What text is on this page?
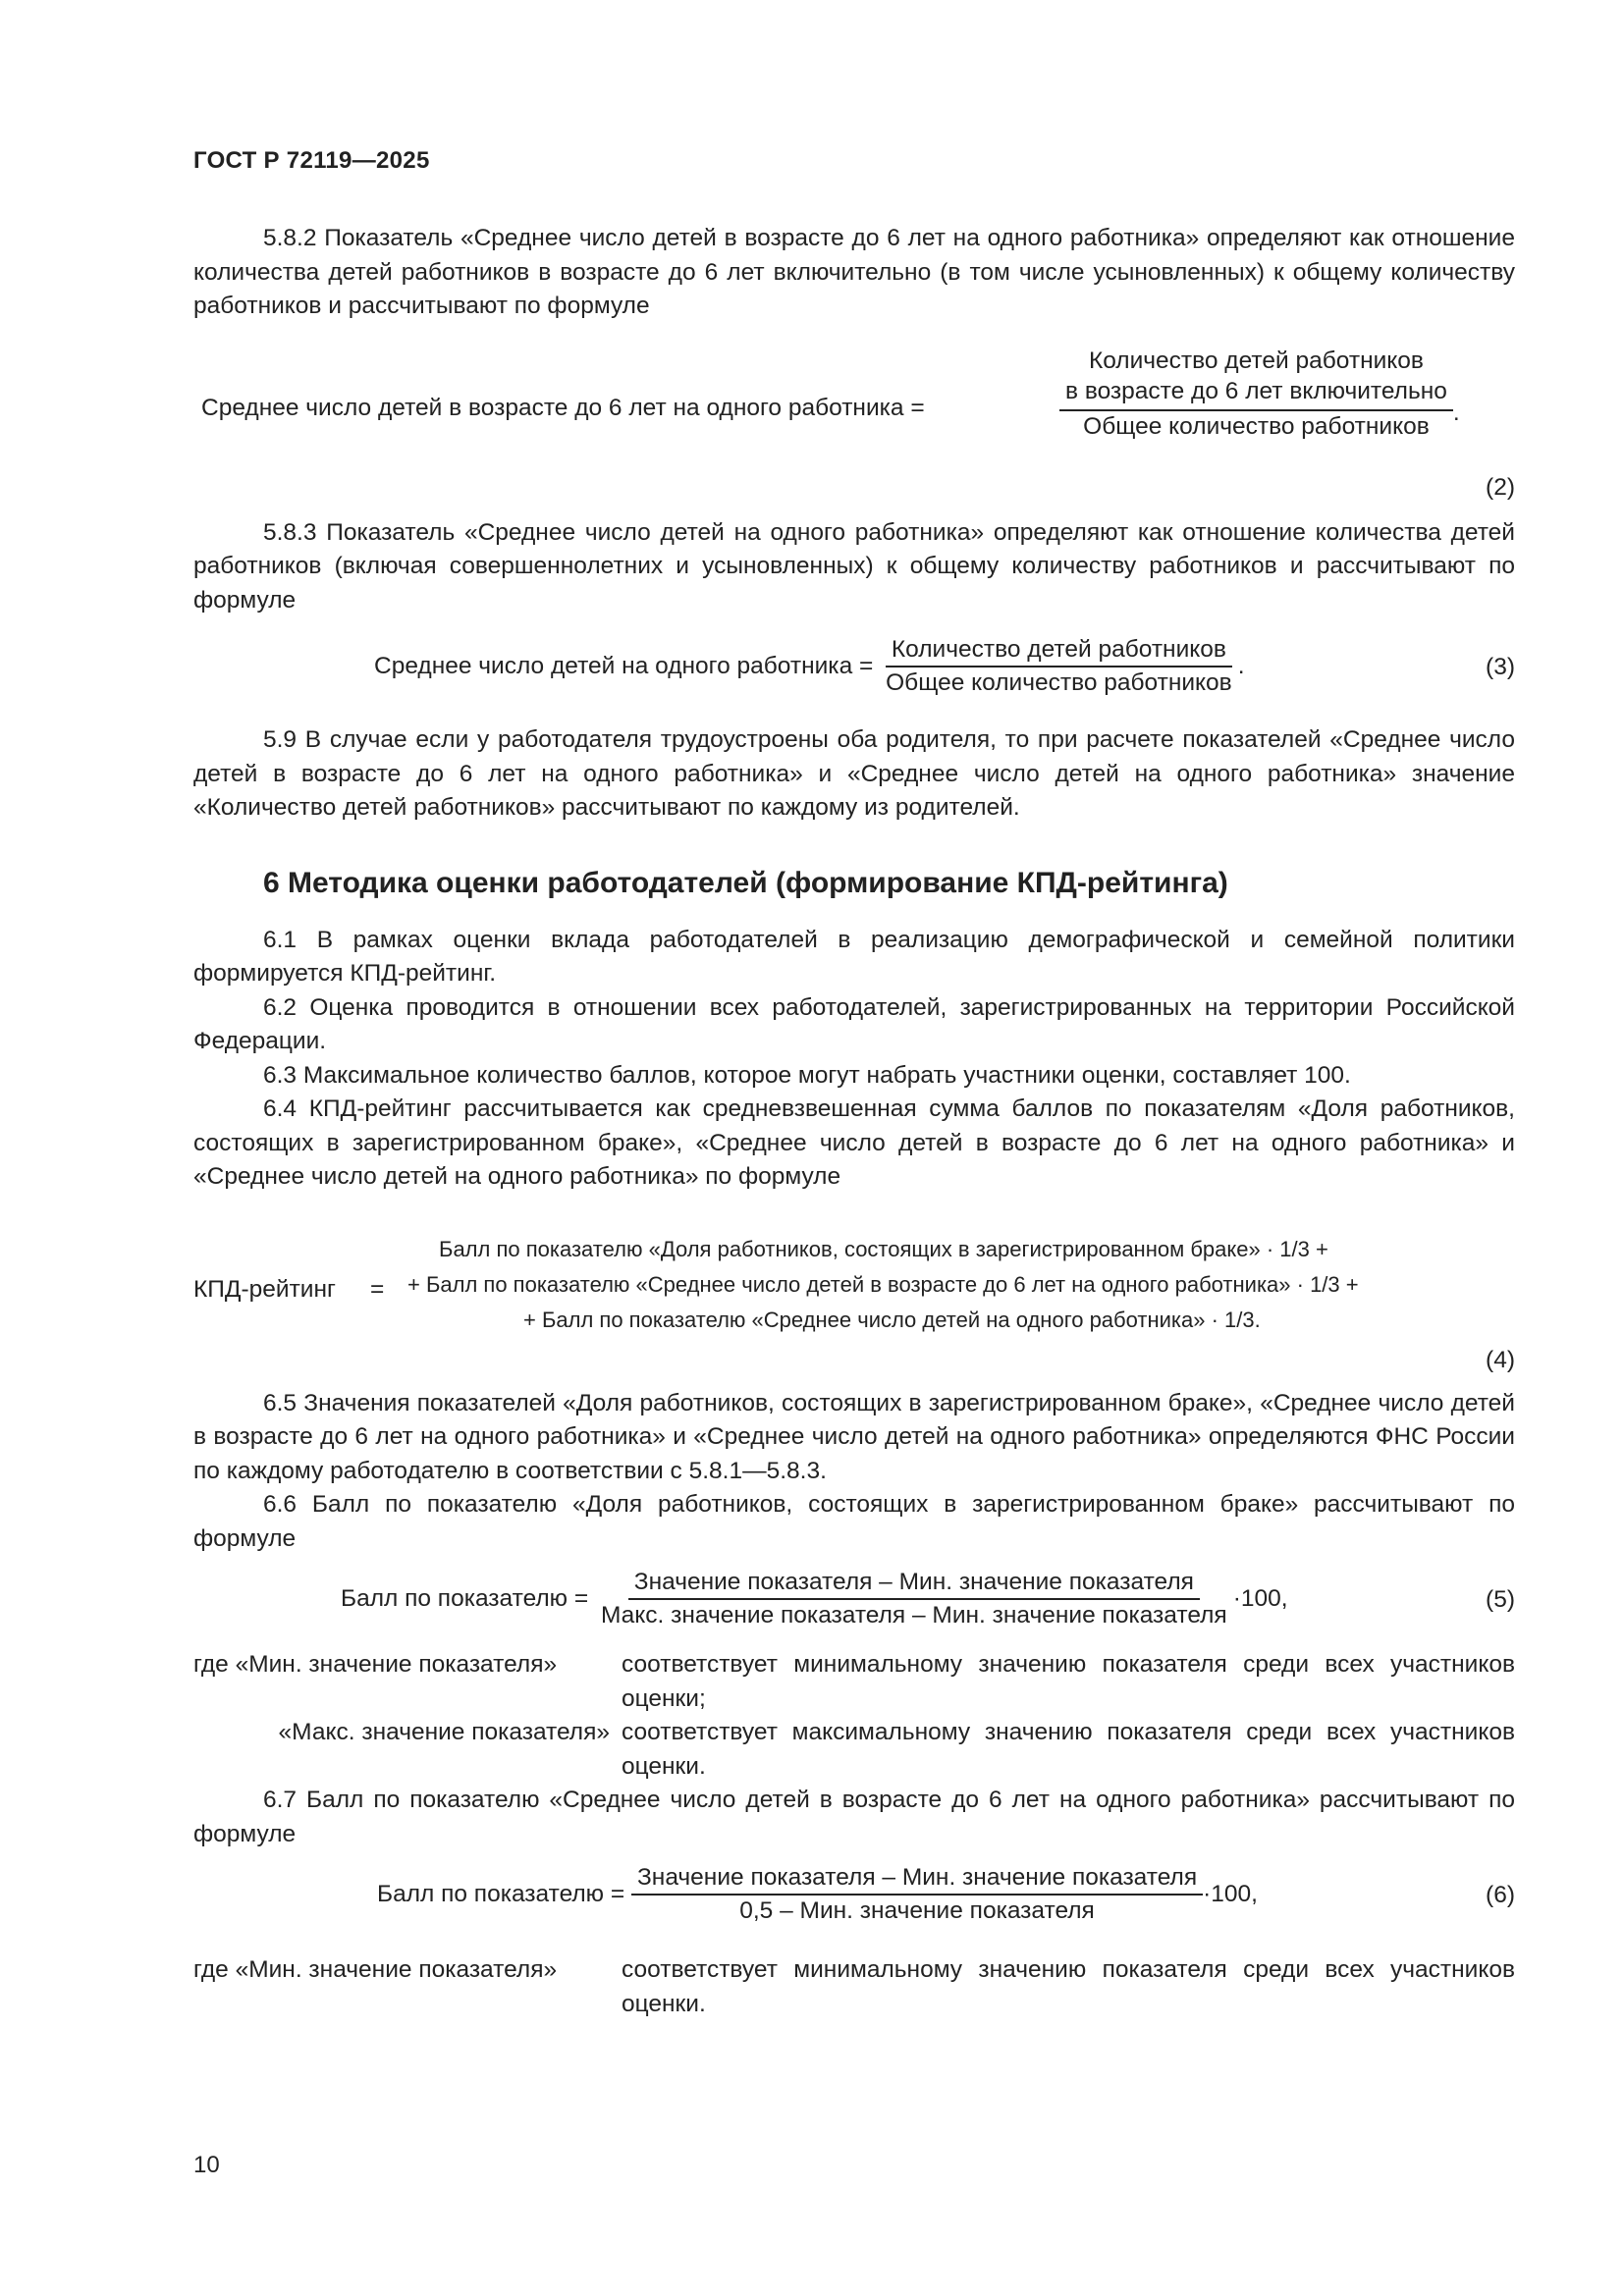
ГОСТ Р 72119—2025

5.8.2 Показатель «Среднее число детей в возрасте до 6 лет на одного работника» определяют как отношение количества детей работников в возрасте до 6 лет включительно (в том числе усыновленных) к общему количеству работников и рассчитывают по формуле

Среднее число детей в возрасте до 6 лет на одного работника =
Количество детей работников
в возрасте до 6 лет включительно
Общее количество работников
.
(2)

5.8.3 Показатель «Среднее число детей на одного работника» определяют как отношение количества детей работников (включая совершеннолетних и усыновленных) к общему количеству работников и рассчитывают по формуле

Среднее число детей на одного работника = $\frac{\text{Количество детей работников}}{\text{Общее количество работников}}$ .	(3)

5.9 В случае если у работодателя трудоустроены оба родителя, то при расчете показателей «Среднее число детей в возрасте до 6 лет на одного работника» и «Среднее число детей на одного работника» значение «Количество детей работников» рассчитывают по каждому из родителей.

6 Методика оценки работодателей (формирование КПД-рейтинга)

6.1 В рамках оценки вклада работодателей в реализацию демографической и семейной политики формируется КПД-рейтинг.

6.2 Оценка проводится в отношении всех работодателей, зарегистрированных на территории Российской Федерации.

6.3 Максимальное количество баллов, которое могут набрать участники оценки, составляет 100.

6.4 КПД-рейтинг рассчитывается как средневзвешенная сумма баллов по показателям «Доля работников, состоящих в зарегистрированном браке», «Среднее число детей в возрасте до 6 лет на одного работника» и «Среднее число детей на одного работника» по формуле

КПД-рейтинг =
Балл по показателю «Доля работников, состоящих в зарегистрированном браке» · 1/3 +
+ Балл по показателю «Среднее число детей в возрасте до 6 лет на одного работника» · 1/3 +
+ Балл по показателю «Среднее число детей на одного работника» · 1/3.
(4)

6.5 Значения показателей «Доля работников, состоящих в зарегистрированном браке», «Среднее число детей в возрасте до 6 лет на одного работника» и «Среднее число детей на одного работника» определяются ФНС России по каждому работодателю в соответствии с 5.8.1—5.8.3.

6.6 Балл по показателю «Доля работников, состоящих в зарегистрированном браке» рассчитывают по формуле

Балл по показателю = $\frac{\text{Значение показателя – Мин. значение показателя}}{\text{Макс. значение показателя – Мин. значение показателя}} \cdot 100$,	(5)
где «Мин. значение показателя»	соответствует минимальному значению показателя среди всех участников оценки;
«Макс. значение показателя» соответствует максимальному значению показателя среди всех участников оценки.

6.7 Балл по показателю «Среднее число детей в возрасте до 6 лет на одного работника» рассчитывают по формуле

Балл по показателю = $\frac{\text{Значение показателя – Мин. значение показателя}}{\text{0,5 – Мин. значение показателя}} \cdot 100$,	(6)
где «Мин. значение показателя»	соответствует минимальному значению показателя среди всех участников оценки.
10
